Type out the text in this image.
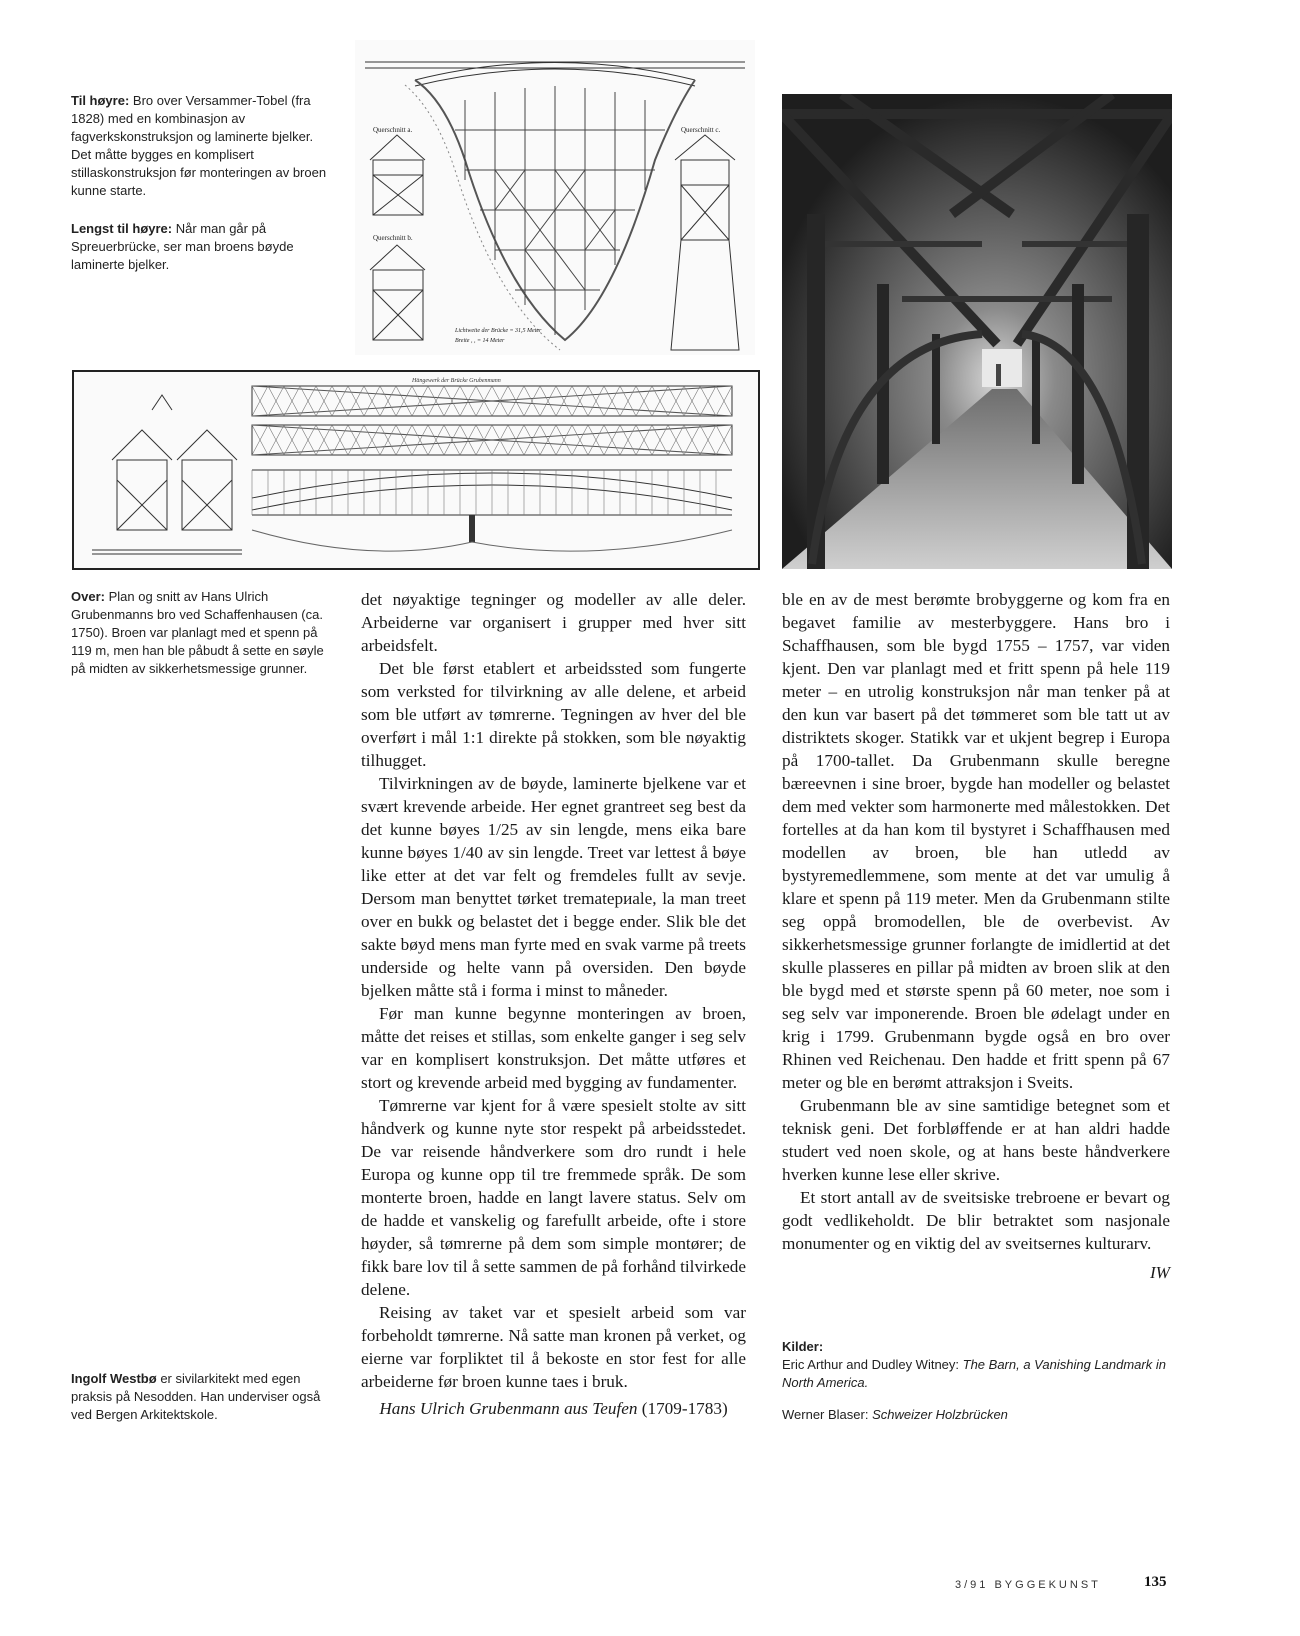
Til høyre: Bro over Versammer-Tobel (fra 1828) med en kombinasjon av fagverkskonstruksjon og laminerte bjelker. Det måtte bygges en komplisert stillaskonstruksjon før monteringen av broen kunne starte.

Lengst til høyre: Når man går på Spreuerbrücke, ser man broens bøyde laminerte bjelker.

Querschnitt a.
Querschnitt b.
Querschnitt c.
Lichtweite der Brücke = 31,5 Meter
Breite , , = 14 Meter
Hängewerk der Brücke Grubenmann

Over: Plan og snitt av Hans Ulrich Grubenmanns bro ved Schaffenhausen (ca. 1750). Broen var planlagt med et spenn på 119 m, men han ble påbudt å sette en søyle på midten av sikkerhetsmessige grunner.

Ingolf Westbø er sivilarkitekt med egen praksis på Nesodden. Han underviser også ved Bergen Arkitektskole.

det nøyaktige tegninger og modeller av alle deler. Arbeiderne var organisert i grupper med hver sitt arbeidsfelt.

Det ble først etablert et arbeidssted som fungerte som verksted for tilvirkning av alle delene, et arbeid som ble utført av tømrerne. Tegningen av hver del ble overført i mål 1:1 direkte på stokken, som ble nøyaktig tilhugget.

Tilvirkningen av de bøyde, laminerte bjelkene var et svært krevende arbeide. Her egnet grantreet seg best da det kunne bøyes 1/25 av sin lengde, mens eika bare kunne bøyes 1/40 av sin lengde. Treet var lettest å bøye like etter at det var felt og fremdeles fullt av sevje. Dersom man benyttet tørket trematериale, la man treet over en bukk og belastet det i begge ender. Slik ble det sakte bøyd mens man fyrte med en svak varme på treets underside og helte vann på oversiden. Den bøyde bjelken måtte stå i forma i minst to måneder.

Før man kunne begynne monteringen av broen, måtte det reises et stillas, som enkelte ganger i seg selv var en komplisert konstruksjon. Det måtte utføres et stort og krevende arbeid med bygging av fundamenter.

Tømrerne var kjent for å være spesielt stolte av sitt håndverk og kunne nyte stor respekt på arbeidsstedet. De var reisende håndverkere som dro rundt i hele Europa og kunne opp til tre fremmede språk. De som monterte broen, hadde en langt lavere status. Selv om de hadde et vanskelig og farefullt arbeide, ofte i store høyder, så tømrerne på dem som simple montører; de fikk bare lov til å sette sammen de på forhånd tilvirkede delene.

Reising av taket var et spesielt arbeid som var forbeholdt tømrerne. Nå satte man kronen på verket, og eierne var forpliktet til å bekoste en stor fest for alle arbeiderne før broen kunne taes i bruk.

Hans Ulrich Grubenmann aus Teufen (1709-1783)

ble en av de mest berømte brobyggerne og kom fra en begavet familie av mesterbyggere. Hans bro i Schaffhausen, som ble bygd 1755 – 1757, var viden kjent. Den var planlagt med et fritt spenn på hele 119 meter – en utrolig konstruksjon når man tenker på at den kun var basert på det tømmeret som ble tatt ut av distriktets skoger. Statikk var et ukjent begrep i Europa på 1700-tallet. Da Grubenmann skulle beregne bæreevnen i sine broer, bygde han modeller og belastet dem med vekter som harmonerte med målestokken. Det fortelles at da han kom til bystyret i Schaffhausen med modellen av broen, ble han utledd av bystyremedlemmene, som mente at det var umulig å klare et spenn på 119 meter. Men da Grubenmann stilte seg oppå bromodellen, ble de overbevist. Av sikkerhetsmessige grunner forlangte de imidlertid at det skulle plasseres en pillar på midten av broen slik at den ble bygd med et største spenn på 60 meter, noe som i seg selv var imponerende. Broen ble ødelagt under en krig i 1799. Grubenmann bygde også en bro over Rhinen ved Reichenau. Den hadde et fritt spenn på 67 meter og ble en berømt attraksjon i Sveits.

Grubenmann ble av sine samtidige betegnet som et teknisk geni. Det forbløffende er at han aldri hadde studert ved noen skole, og at hans beste håndverkere hverken kunne lese eller skrive.

Et stort antall av de sveitsiske trebroene er bevart og godt vedlikeholdt. De blir betraktet som nasjonale monumenter og en viktig del av sveitsernes kulturarv.

IW

Kilder:

Eric Arthur and Dudley Witney: The Barn, a Vanishing Landmark in North America.

Werner Blaser: Schweizer Holzbrücken

3/91 BYGGEKUNST	135
